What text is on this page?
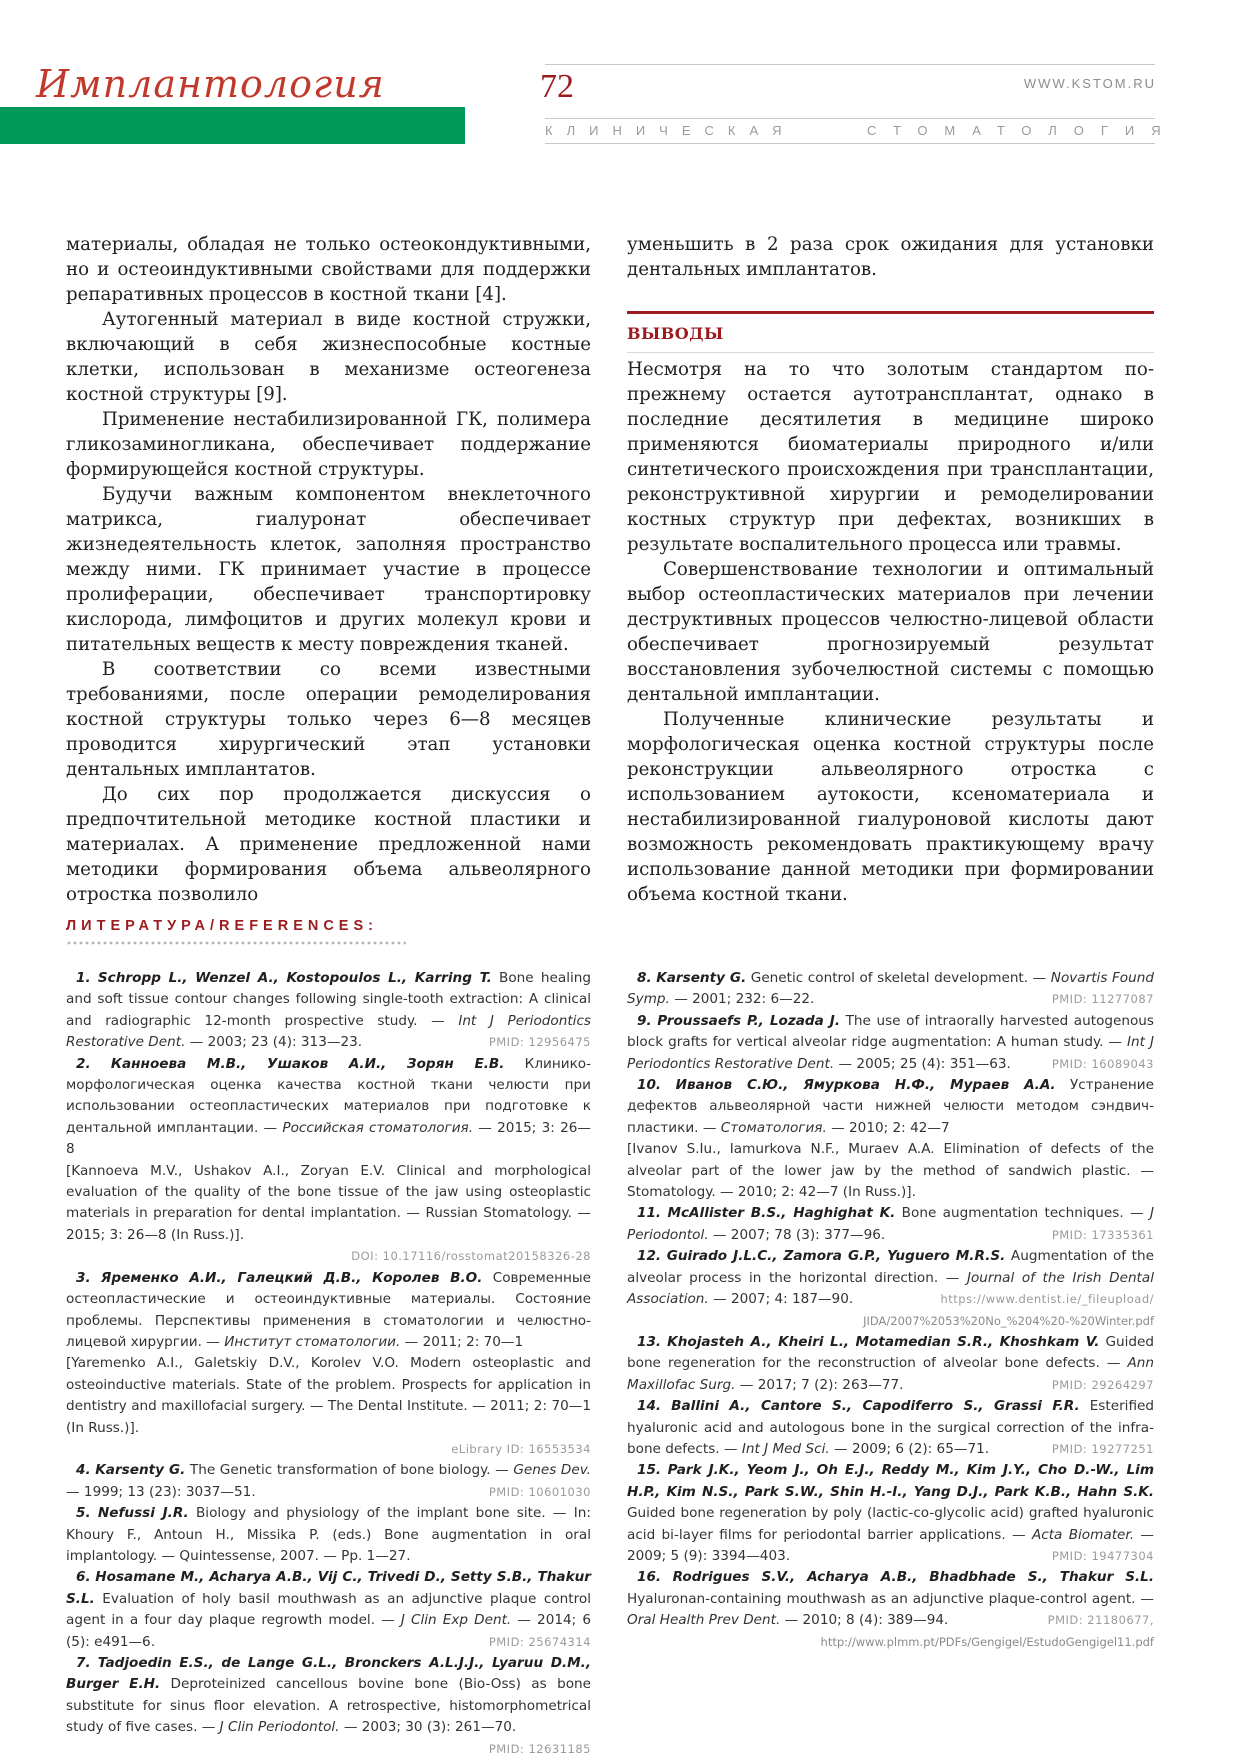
Имплантология	72	WWW.KSTOM.RU
КЛИНИЧЕСКАЯ	СТОМАТОЛОГИЯ

материалы, обладая не только остеокондуктивными, но и остеоиндуктивными свойствами для поддержки репаративных процессов в костной ткани [4].

Аутогенный материал в виде костной стружки, включающий в себя жизнеспособные костные клетки, использован в механизме остеогенеза костной структуры [9].

Применение нестабилизированной ГК, полимера гликозаминогликана, обеспечивает поддержание формирующейся костной структуры.

Будучи важным компонентом внеклеточного матрикса, гиалуронат обеспечивает жизнедеятельность клеток, заполняя пространство между ними. ГК принимает участие в процессе пролиферации, обеспечивает транспортировку кислорода, лимфоцитов и других молекул крови и питательных веществ к месту повреждения тканей.

В соответствии со всеми известными требованиями, после операции ремоделирования костной структуры только через 6—8 месяцев проводится хирургический этап установки дентальных имплантатов.

До сих пор продолжается дискуссия о предпочтительной методике костной пластики и материалах. А применение предложенной нами методики формирования объема альвеолярного отростка позволило

уменьшить в 2 раза срок ожидания для установки дентальных имплантатов.

ВЫВОДЫ

Несмотря на то что золотым стандартом по-прежнему остается аутотрансплантат, однако в последние десятилетия в медицине широко применяются биоматериалы природного и/или синтетического происхождения при трансплантации, реконструктивной хирургии и ремоделировании костных структур при дефектах, возникших в результате воспалительного процесса или травмы.

Совершенствование технологии и оптимальный выбор остеопластических материалов при лечении деструктивных процессов челюстно-лицевой области обеспечивает прогнозируемый результат восстановления зубочелюстной системы с помощью дентальной имплантации.

Полученные клинические результаты и морфологическая оценка костной структуры после реконструкции альвеолярного отростка с использованием аутокости, ксеноматериала и нестабилизированной гиалуроновой кислоты дают возможность рекомендовать практикующему врачу использование данной методики при формировании объема костной ткани.

ЛИТЕРАТУРА/REFERENCES:

1. Schropp L., Wenzel A., Kostopoulos L., Karring T. Bone healing and soft tissue contour changes following single-tooth extraction: A clinical and radiographic 12-month prospective study. — Int J Periodontics Restorative Dent. — 2003; 23 (4): 313—23.	PMID: 12956475

2. Канноева М.В., Ушаков А.И., Зорян Е.В. Клинико-морфологическая оценка качества костной ткани челюсти при использовании остеопластических материалов при подготовке к дентальной имплантации. — Российская стоматология. — 2015; 3: 26—8
[Kannoeva M.V., Ushakov A.I., Zoryan E.V. Clinical and morphological evaluation of the quality of the bone tissue of the jaw using osteoplastic materials in preparation for dental implantation. — Russian Stomatology. — 2015; 3: 26—8 (In Russ.)].
DOI: 10.17116/rosstomat20158326-28

3. Яременко А.И., Галецкий Д.В., Королев В.О. Современные остеопластические и остеоиндуктивные материалы. Состояние проблемы. Перспективы применения в стоматологии и челюстно-лицевой хирургии. — Институт стоматологии. — 2011; 2: 70—1
[Yaremenko A.I., Galetskiy D.V., Korolev V.O. Modern osteoplastic and osteoinductive materials. State of the problem. Prospects for application in dentistry and maxillofacial surgery. — The Dental Institute. — 2011; 2: 70—1 (In Russ.)].
eLibrary ID: 16553534

4. Karsenty G. The Genetic transformation of bone biology. — Genes Dev. — 1999; 13 (23): 3037—51.	PMID: 10601030

5. Nefussi J.R. Biology and physiology of the implant bone site. — In: Khoury F., Antoun H., Missika P. (eds.) Bone augmentation in oral implantology. — Quintessense, 2007. — Pp. 1—27.

6. Hosamane M., Acharya A.B., Vij C., Trivedi D., Setty S.B., Thakur S.L. Evaluation of holy basil mouthwash as an adjunctive plaque control agent in a four day plaque regrowth model. — J Clin Exp Dent. — 2014; 6 (5): e491—6.	PMID: 25674314

7. Tadjoedin E.S., de Lange G.L., Bronckers A.L.J.J., Lyaruu D.M., Burger E.H. Deproteinized cancellous bovine bone (Bio-Oss) as bone substitute for sinus floor elevation. A retrospective, histomorphometrical study of five cases. — J Clin Periodontol. — 2003; 30 (3): 261—70.
PMID: 12631185

8. Karsenty G. Genetic control of skeletal development. — Novartis Found Symp. — 2001; 232: 6—22.	PMID: 11277087

9. Proussaefs P., Lozada J. The use of intraorally harvested autogenous block grafts for vertical alveolar ridge augmentation: A human study. — Int J Periodontics Restorative Dent. — 2005; 25 (4): 351—63.	PMID: 16089043

10. Иванов С.Ю., Ямуркова Н.Ф., Мураев А.А. Устранение дефектов альвеолярной части нижней челюсти методом сэндвич-пластики. — Стоматология. — 2010; 2: 42—7
[Ivanov S.Iu., Iamurkova N.F., Muraev A.A. Elimination of defects of the alveolar part of the lower jaw by the method of sandwich plastic. — Stomatology. — 2010; 2: 42—7 (In Russ.)].

11. McAllister B.S., Haghighat K. Bone augmentation techniques. — J Periodontol. — 2007; 78 (3): 377—96.	PMID: 17335361

12. Guirado J.L.C., Zamora G.P., Yuguero M.R.S. Augmentation of the alveolar process in the horizontal direction. — Journal of the Irish Dental Association. — 2007; 4: 187—90.	https://www.dentist.ie/_fileupload/
JIDA/2007%2053%20No_%204%20-%20Winter.pdf

13. Khojasteh A., Kheiri L., Motamedian S.R., Khoshkam V. Guided bone regeneration for the reconstruction of alveolar bone defects. — Ann Maxillofac Surg. — 2017; 7 (2): 263—77.	PMID: 29264297

14. Ballini A., Cantore S., Capodiferro S., Grassi F.R. Esterified hyaluronic acid and autologous bone in the surgical correction of the infra-bone defects. — Int J Med Sci. — 2009; 6 (2): 65—71.	PMID: 19277251

15. Park J.K., Yeom J., Oh E.J., Reddy M., Kim J.Y., Cho D.-W., Lim H.P., Kim N.S., Park S.W., Shin H.-I., Yang D.J., Park K.B., Hahn S.K. Guided bone regeneration by poly (lactic-co-glycolic acid) grafted hyaluronic acid bi-layer films for periodontal barrier applications. — Acta Biomater. — 2009; 5 (9): 3394—403.	PMID: 19477304

16. Rodrigues S.V., Acharya A.B., Bhadbhade S., Thakur S.L. Hyaluronan-containing mouthwash as an adjunctive plaque-control agent. — Oral Health Prev Dent. — 2010; 8 (4): 389—94.	PMID: 21180677,
http://www.plmm.pt/PDFs/Gengigel/EstudoGengigel11.pdf
